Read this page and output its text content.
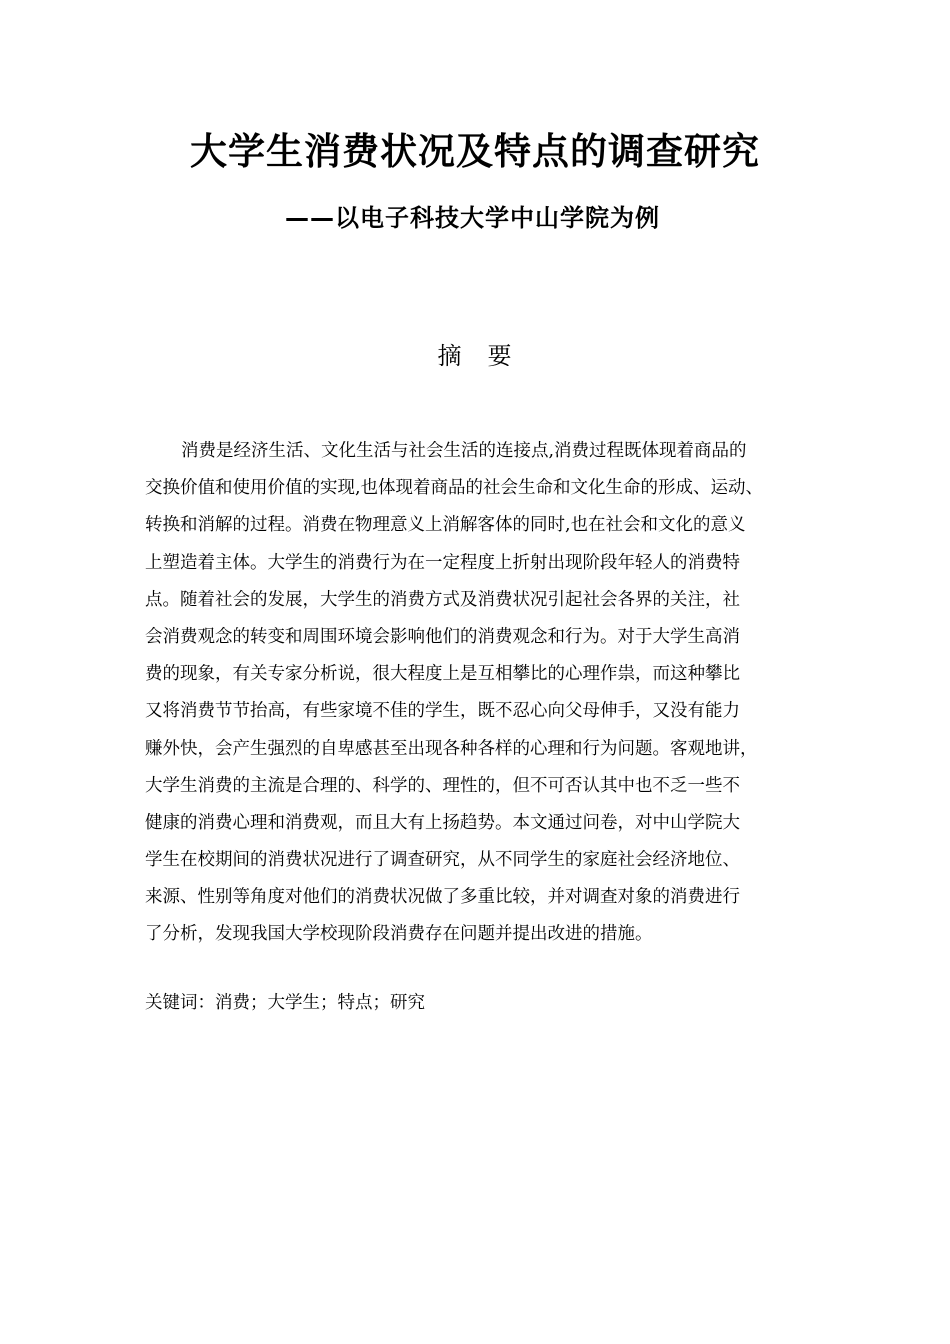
大学生消费状况及特点的调查研究
——以电子科技大学中山学院为例
摘　要
消费是经济生活、文化生活与社会生活的连接点,消费过程既体现着商品的
交换价值和使用价值的实现,也体现着商品的社会生命和文化生命的形成、运动、
转换和消解的过程。消费在物理意义上消解客体的同时,也在社会和文化的意义
上塑造着主体。大学生的消费行为在一定程度上折射出现阶段年轻人的消费特
点。随着社会的发展，大学生的消费方式及消费状况引起社会各界的关注，社
会消费观念的转变和周围环境会影响他们的消费观念和行为。对于大学生高消
费的现象，有关专家分析说，很大程度上是互相攀比的心理作祟，而这种攀比
又将消费节节抬高，有些家境不佳的学生，既不忍心向父母伸手，又没有能力
赚外快，会产生强烈的自卑感甚至出现各种各样的心理和行为问题。客观地讲，
大学生消费的主流是合理的、科学的、理性的，但不可否认其中也不乏一些不
健康的消费心理和消费观，而且大有上扬趋势。本文通过问卷，对中山学院大
学生在校期间的消费状况进行了调查研究，从不同学生的家庭社会经济地位、
来源、性别等角度对他们的消费状况做了多重比较，并对调查对象的消费进行
了分析，发现我国大学校现阶段消费存在问题并提出改进的措施。
关键词：消费；大学生；特点；研究
